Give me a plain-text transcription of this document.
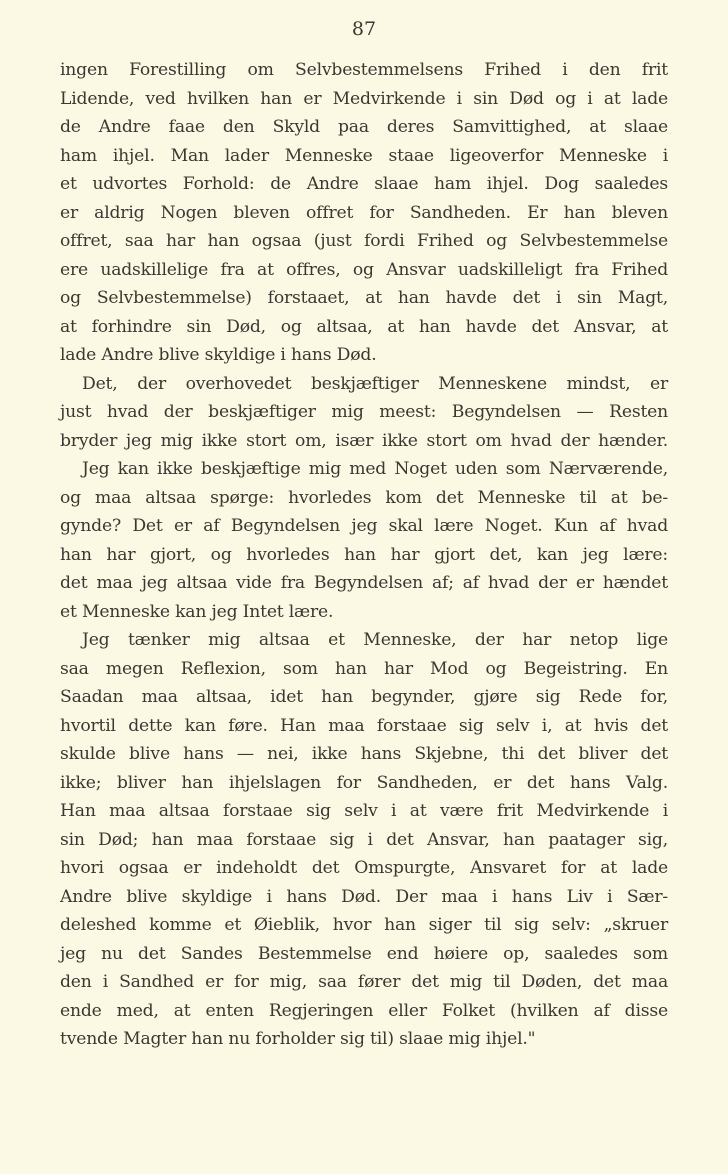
87
ingen Forestilling om Selvbestemmelsens Frihed i den frit
Lidende, ved hvilken han er Medvirkende i sin Død og i at lade
de Andre faae den Skyld paa deres Samvittighed, at slaae
ham ihjel. Man lader Menneske staae ligeoverfor Menneske i
et udvortes Forhold: de Andre slaae ham ihjel. Dog saaledes
er aldrig Nogen bleven offret for Sandheden. Er han bleven
offret, saa har han ogsaa (just fordi Frihed og Selvbestemmelse
ere uadskillelige fra at offres, og Ansvar uadskilleligt fra Frihed
og Selvbestemmelse) forstaaet, at han havde det i sin Magt,
at forhindre sin Død, og altsaa, at han havde det Ansvar, at
lade Andre blive skyldige i hans Død.
Det, der overhovedet beskjæftiger Menneskene mindst, er
just hvad der beskjæftiger mig meest: Begyndelsen — Resten
bryder jeg mig ikke stort om, især ikke stort om hvad der hænder.
Jeg kan ikke beskjæftige mig med Noget uden som Nærværende,
og maa altsaa spørge: hvorledes kom det Menneske til at be-
gynde? Det er af Begyndelsen jeg skal lære Noget. Kun af hvad
han har gjort, og hvorledes han har gjort det, kan jeg lære:
det maa jeg altsaa vide fra Begyndelsen af; af hvad der er hændet
et Menneske kan jeg Intet lære.
Jeg tænker mig altsaa et Menneske, der har netop lige
saa megen Reflexion, som han har Mod og Begeistring. En
Saadan maa altsaa, idet han begynder, gjøre sig Rede for,
hvortil dette kan føre. Han maa forstaae sig selv i, at hvis det
skulde blive hans — nei, ikke hans Skjebne, thi det bliver det
ikke; bliver han ihjelslagen for Sandheden, er det hans Valg.
Han maa altsaa forstaae sig selv i at være frit Medvirkende i
sin Død; han maa forstaae sig i det Ansvar, han paatager sig,
hvori ogsaa er indeholdt det Omspurgte, Ansvaret for at lade
Andre blive skyldige i hans Død. Der maa i hans Liv i Sær-
deleshed komme et Øieblik, hvor han siger til sig selv: „skruer
jeg nu det Sandes Bestemmelse end høiere op, saaledes som
den i Sandhed er for mig, saa fører det mig til Døden, det maa
ende med, at enten Regjeringen eller Folket (hvilken af disse
tvende Magter han nu forholder sig til) slaae mig ihjel."
